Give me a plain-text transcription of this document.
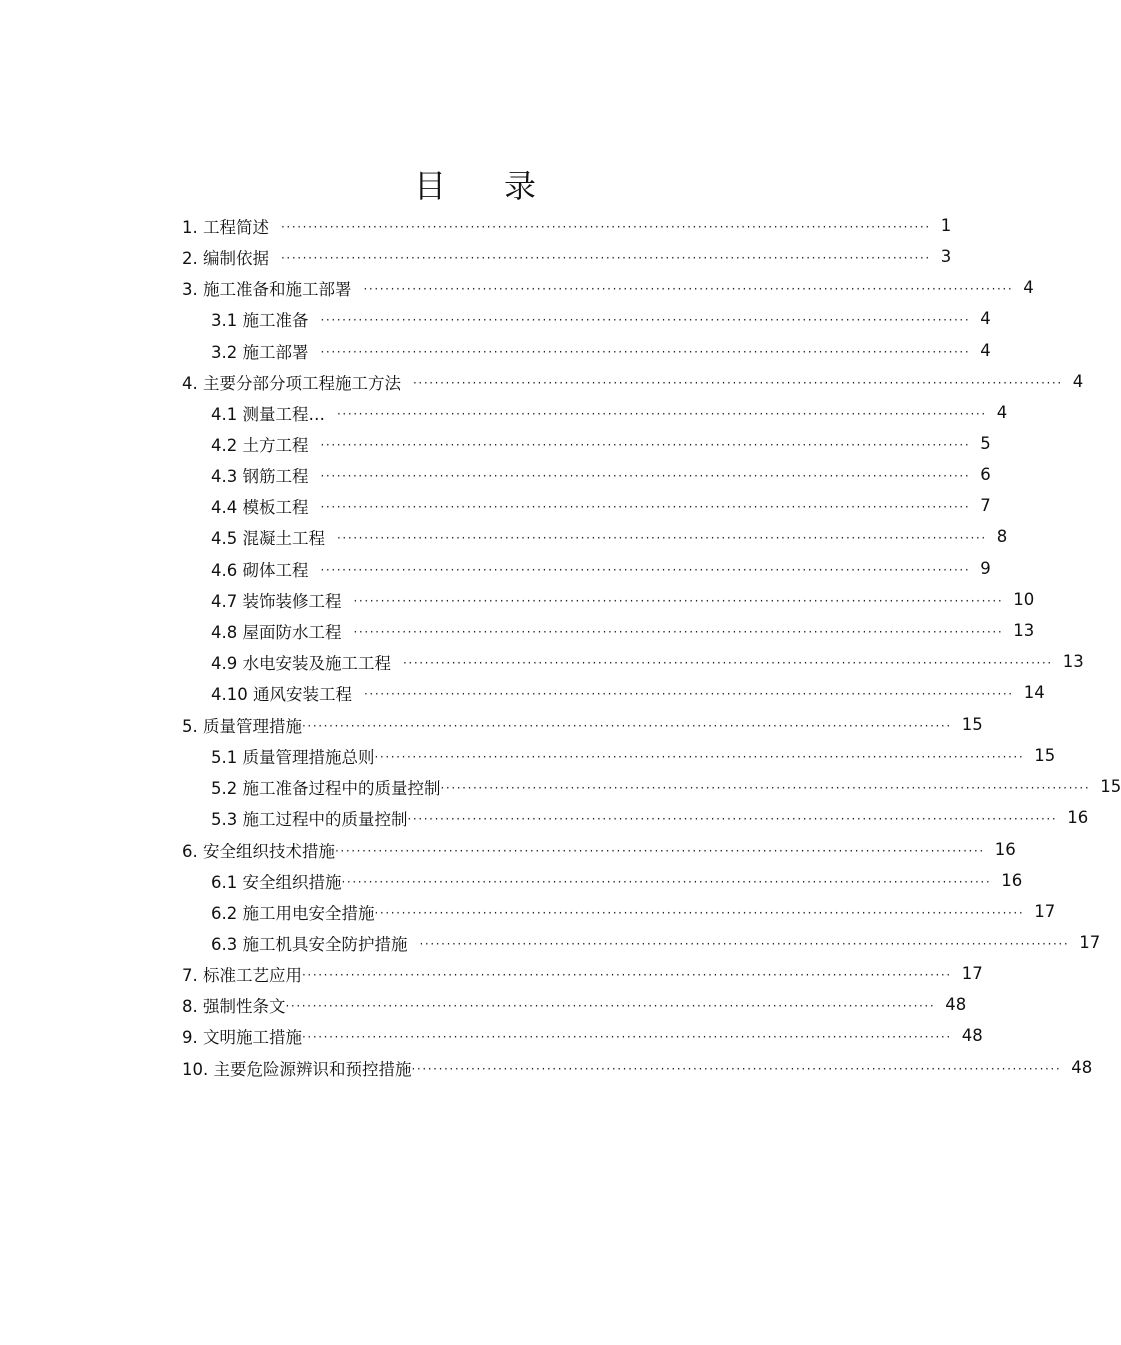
目 录
1. 工程简述 ························································································································ 1
2. 编制依据 ························································································································ 3
3. 施工准备和施工部署 ························································································································ 4
3.1 施工准备 ························································································································ 4
3.2 施工部署 ························································································································ 4
4. 主要分部分项工程施工方法 ························································································································ 4
4.1 测量工程… ························································································································ 4
4.2 土方工程 ························································································································ 5
4.3 钢筋工程 ························································································································ 6
4.4 模板工程 ························································································································ 7
4.5 混凝土工程 ························································································································ 8
4.6 砌体工程 ························································································································ 9
4.7 装饰装修工程 ························································································································ 10
4.8 屋面防水工程 ························································································································ 13
4.9 水电安装及施工工程 ························································································································ 13
4.10 通风安装工程 ························································································································ 14
5. 质量管理措施 ························································································································ 15
5.1 质量管理措施总则 ························································································································ 15
5.2 施工准备过程中的质量控制 ························································································································ 15
5.3 施工过程中的质量控制 ························································································································ 16
6. 安全组织技术措施 ························································································································ 16
6.1 安全组织措施 ························································································································ 16
6.2 施工用电安全措施 ························································································································ 17
6.3 施工机具安全防护措施 ························································································································ 17
7. 标准工艺应用 ························································································································ 17
8. 强制性条文 ························································································································ 48
9. 文明施工措施 ························································································································ 48
10. 主要危险源辨识和预控措施 ························································································································ 48
